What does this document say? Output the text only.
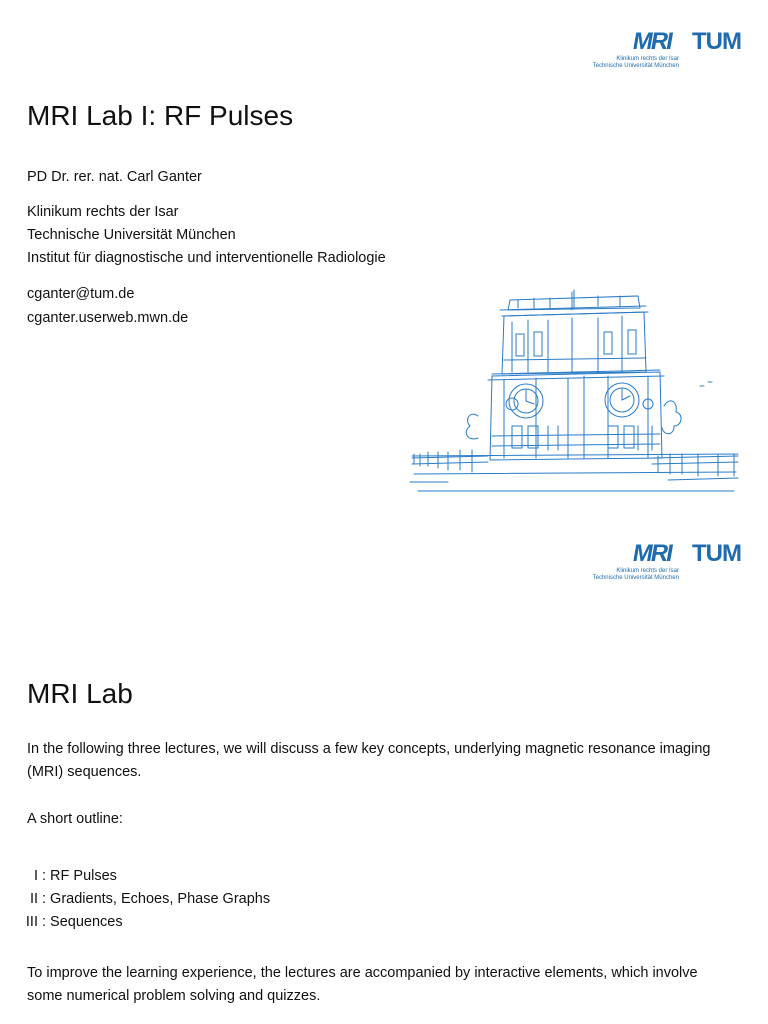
MRI TUM
Klinikum rechts der Isar
Technische Universität München
MRI Lab I: RF Pulses

PD Dr. rer. nat. Carl Ganter

Klinikum rechts der Isar

Technische Universität München

Institut für diagnostische und interventionelle Radiologie

cganter@tum.de

cganter.userweb.mwn.de

MRI TUM
Klinikum rechts der Isar
Technische Universität München
MRI Lab

In the following three lectures, we will discuss a few key concepts, underlying magnetic resonance imaging (MRI) sequences.

A short outline:

I : RF Pulses
II : Gradients, Echoes, Phase Graphs
III : Sequences

To improve the learning experience, the lectures are accompanied by interactive elements, which involve some numerical problem solving and quizzes.
